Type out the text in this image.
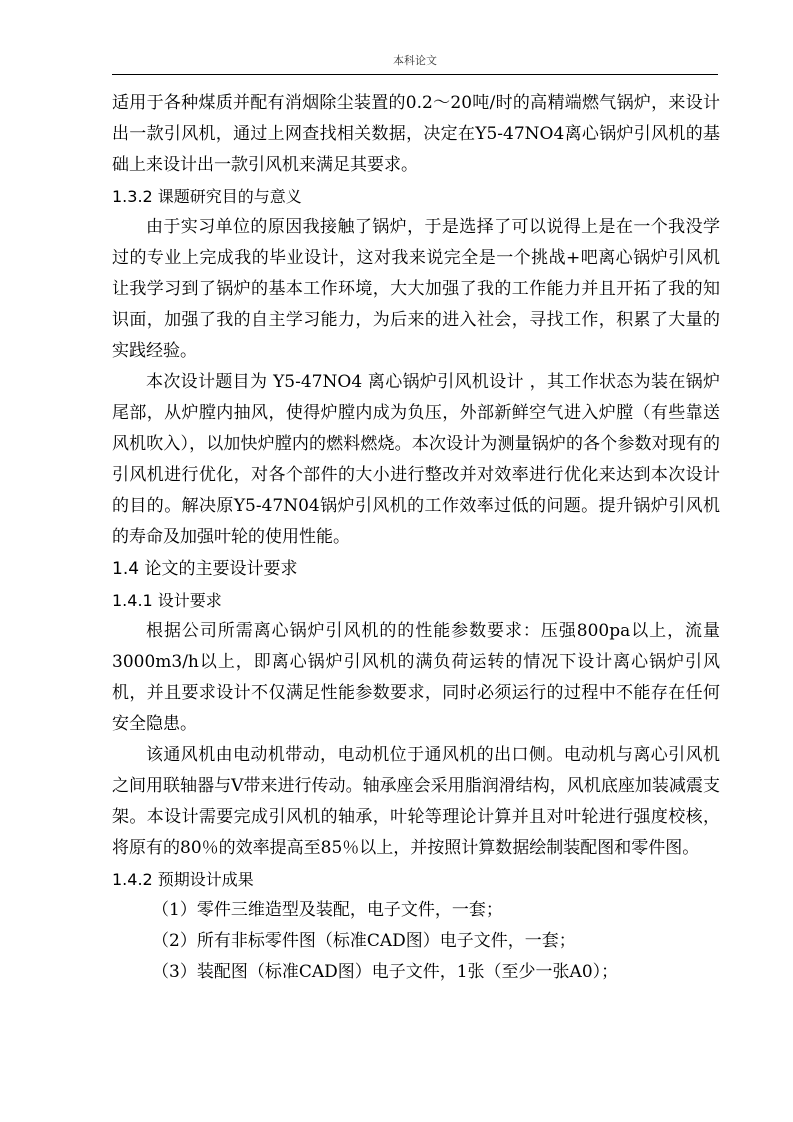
本科论文

适用于各种煤质并配有消烟除尘装置的0.2～20吨/时的高精端燃气锅炉，来设计出一款引风机，通过上网查找相关数据，决定在Y5-47NO4离心锅炉引风机的基础上来设计出一款引风机来满足其要求。

1.3.2 课题研究目的与意义

由于实习单位的原因我接触了锅炉，于是选择了可以说得上是在一个我没学过的专业上完成我的毕业设计，这对我来说完全是一个挑战+吧离心锅炉引风机让我学习到了锅炉的基本工作环境，大大加强了我的工作能力并且开拓了我的知识面，加强了我的自主学习能力，为后来的进入社会，寻找工作，积累了大量的实践经验。

本次设计题目为 Y5-47NO4 离心锅炉引风机设计 ，其工作状态为装在锅炉尾部，从炉膛内抽风，使得炉膛内成为负压，外部新鲜空气进入炉膛（有些靠送风机吹入），以加快炉膛内的燃料燃烧。本次设计为测量锅炉的各个参数对现有的引风机进行优化，对各个部件的大小进行整改并对效率进行优化来达到本次设计的目的。解决原Y5-47N04锅炉引风机的工作效率过低的问题。提升锅炉引风机的寿命及加强叶轮的使用性能。

1.4 论文的主要设计要求
1.4.1 设计要求

根据公司所需离心锅炉引风机的的性能参数要求：压强800pa以上，流量3000m3/h以上，即离心锅炉引风机的满负荷运转的情况下设计离心锅炉引风机，并且要求设计不仅满足性能参数要求，同时必须运行的过程中不能存在任何安全隐患。

该通风机由电动机带动，电动机位于通风机的出口侧。电动机与离心引风机之间用联轴器与V带来进行传动。轴承座会采用脂润滑结构，风机底座加装减震支架。本设计需要完成引风机的轴承，叶轮等理论计算并且对叶轮进行强度校核，将原有的80％的效率提高至85％以上，并按照计算数据绘制装配图和零件图。

1.4.2 预期设计成果

（1）零件三维造型及装配，电子文件，一套；

（2）所有非标零件图（标准CAD图）电子文件，一套；

（3）装配图（标准CAD图）电子文件，1张（至少一张A0）；
